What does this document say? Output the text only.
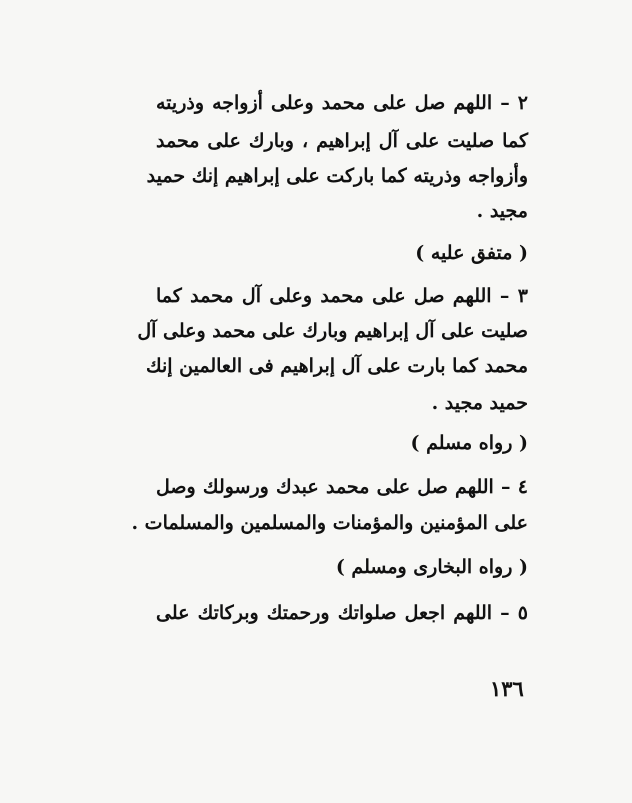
٢ – اللهم صل على محمد وعلى أزواجه وذريته
كما صليت على آل إبراهيم ، وبارك على محمد
وأزواجه وذريته كما باركت على إبراهيم إنك حميد
مجيد .
( متفق عليه )
٣ – اللهم صل على محمد وعلى آل محمد كما
صليت على آل إبراهيم وبارك على محمد وعلى آل
محمد كما بارت على آل إبراهيم فى العالمين إنك
حميد مجيد .
( رواه مسلم )
٤ – اللهم صل على محمد عبدك ورسولك وصل
على المؤمنين والمؤمنات والمسلمين والمسلمات .
( رواه البخارى ومسلم )
٥ – اللهم اجعل صلواتك ورحمتك وبركاتك على
١٣٦
